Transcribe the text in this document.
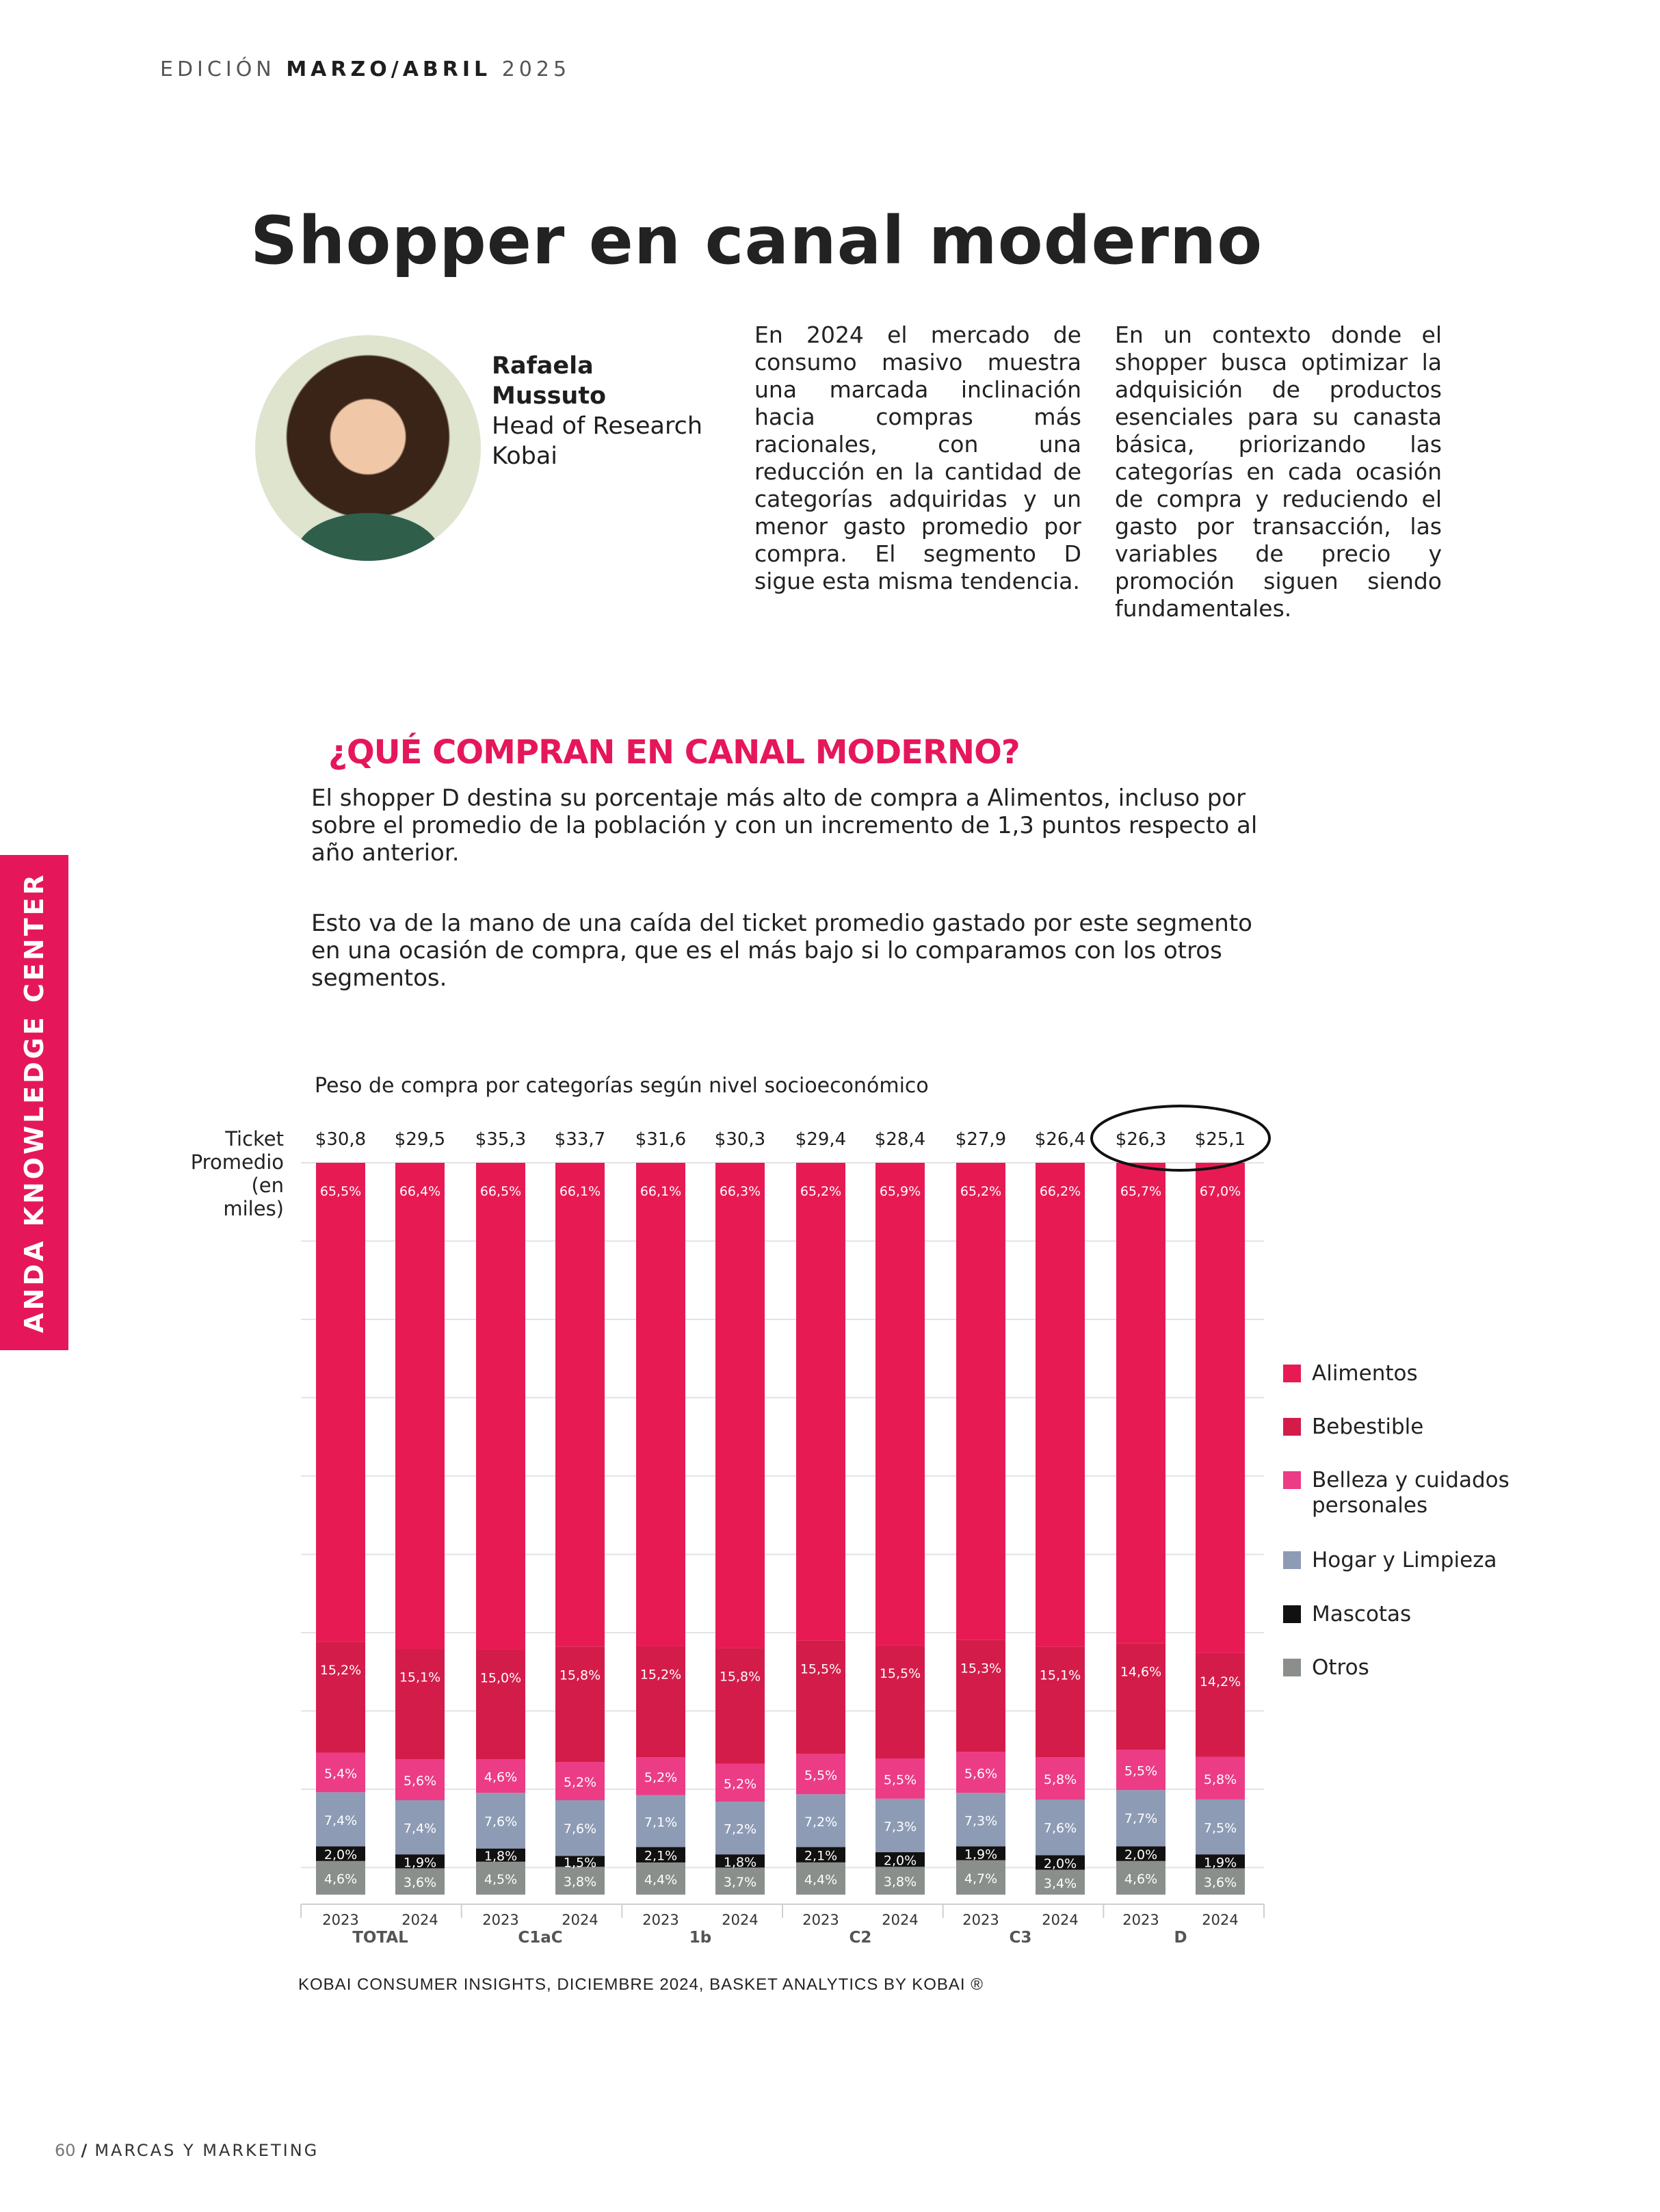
EDICIÓN MARZO/ABRIL 2025
Shopper en canal moderno
Rafaela
Mussuto
Head of Research
Kobai
En 2024 el mercado de consumo masivo muestra una marcada inclinación hacia compras más racionales, con una reducción en la cantidad de categorías adquiridas y un menor gasto promedio por compra. El segmento D sigue esta misma tendencia.
En un contexto donde el shopper busca optimizar la adquisición de productos esenciales para su canasta básica, priorizando las categorías en cada ocasión de compra y reduciendo el gasto por transacción, las variables de precio y promoción siguen siendo fundamentales.
ANDA KNOWLEDGE CENTER
¿QUÉ COMPRAN EN CANAL MODERNO?
El shopper D destina su porcentaje más alto de compra a Alimentos, incluso por sobre el promedio de la población y con un incremento de 1,3 puntos respecto al año anterior.
Esto va de la mano de una caída del ticket promedio gastado por este segmento en una ocasión de compra, que es el más bajo si lo comparamos con los otros segmentos.
Peso de compra por categorías según nivel socioeconómico
Ticket Promedio (en miles)
4,6%
2,0%
7,4%
5,4%
15,2%
65,5%
2023
$30,8
3,6%
1,9%
7,4%
5,6%
15,1%
66,4%
2024
$29,5
4,5%
1,8%
7,6%
4,6%
15,0%
66,5%
2023
$35,3
3,8%
1,5%
7,6%
5,2%
15,8%
66,1%
2024
$33,7
4,4%
2,1%
7,1%
5,2%
15,2%
66,1%
2023
$31,6
3,7%
1,8%
7,2%
5,2%
15,8%
66,3%
2024
$30,3
4,4%
2,1%
7,2%
5,5%
15,5%
65,2%
2023
$29,4
3,8%
2,0%
7,3%
5,5%
15,5%
65,9%
2024
$28,4
4,7%
1,9%
7,3%
5,6%
15,3%
65,2%
2023
$27,9
3,4%
2,0%
7,6%
5,8%
15,1%
66,2%
2024
$26,4
4,6%
2,0%
7,7%
5,5%
14,6%
65,7%
2023
$26,3
3,6%
1,9%
7,5%
5,8%
14,2%
67,0%
2024
$25,1
TOTAL	C1aC	1b	C2	C3	D
Alimentos
Bebestible
Belleza y cuidados personales
Hogar y Limpieza
Mascotas
Otros
KOBAI CONSUMER INSIGHTS, DICIEMBRE 2024, BASKET ANALYTICS BY KOBAI ®
60 / MARCAS Y MARKETING
